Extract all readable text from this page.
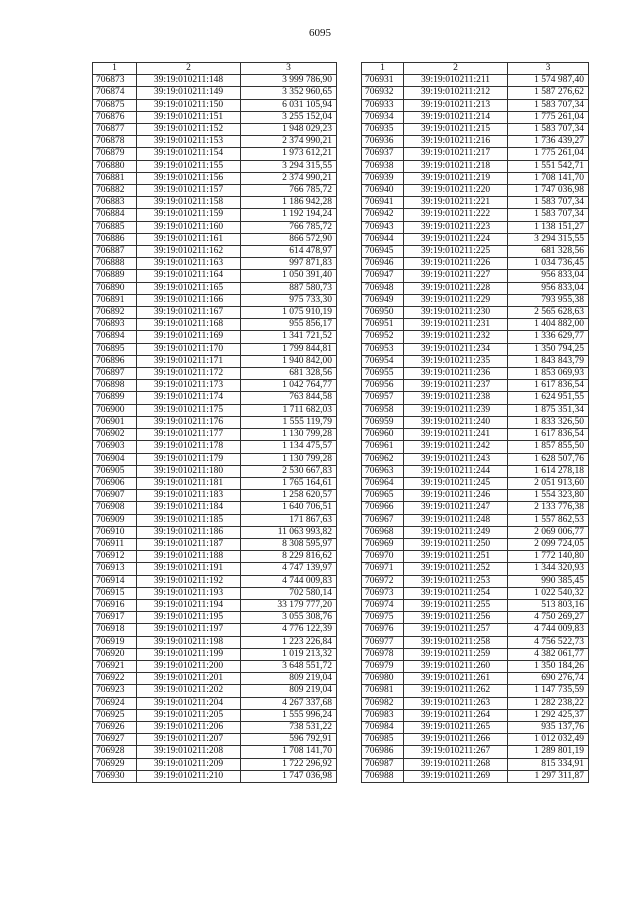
6095
1	2	3
706873	39:19:010211:148	3 999 786,90
706874	39:19:010211:149	3 352 960,65
706875	39:19:010211:150	6 031 105,94
706876	39:19:010211:151	3 255 152,04
706877	39:19:010211:152	1 948 029,23
706878	39:19:010211:153	2 374 990,21
706879	39:19:010211:154	1 973 612,21
706880	39:19:010211:155	3 294 315,55
706881	39:19:010211:156	2 374 990,21
706882	39:19:010211:157	766 785,72
706883	39:19:010211:158	1 186 942,28
706884	39:19:010211:159	1 192 194,24
706885	39:19:010211:160	766 785,72
706886	39:19:010211:161	866 572,90
706887	39:19:010211:162	614 478,97
706888	39:19:010211:163	997 871,83
706889	39:19:010211:164	1 050 391,40
706890	39:19:010211:165	887 580,73
706891	39:19:010211:166	975 733,30
706892	39:19:010211:167	1 075 910,19
706893	39:19:010211:168	955 856,17
706894	39:19:010211:169	1 341 721,52
706895	39:19:010211:170	1 799 844,81
706896	39:19:010211:171	1 940 842,00
706897	39:19:010211:172	681 328,56
706898	39:19:010211:173	1 042 764,77
706899	39:19:010211:174	763 844,58
706900	39:19:010211:175	1 711 682,03
706901	39:19:010211:176	1 555 119,79
706902	39:19:010211:177	1 130 799,28
706903	39:19:010211:178	1 134 475,57
706904	39:19:010211:179	1 130 799,28
706905	39:19:010211:180	2 530 667,83
706906	39:19:010211:181	1 765 164,61
706907	39:19:010211:183	1 258 620,57
706908	39:19:010211:184	1 640 706,51
706909	39:19:010211:185	171 867,63
706910	39:19:010211:186	11 063 993,82
706911	39:19:010211:187	8 308 595,97
706912	39:19:010211:188	8 229 816,62
706913	39:19:010211:191	4 747 139,97
706914	39:19:010211:192	4 744 009,83
706915	39:19:010211:193	702 580,14
706916	39:19:010211:194	33 179 777,20
706917	39:19:010211:195	3 055 308,76
706918	39:19:010211:197	4 776 122,39
706919	39:19:010211:198	1 223 226,84
706920	39:19:010211:199	1 019 213,32
706921	39:19:010211:200	3 648 551,72
706922	39:19:010211:201	809 219,04
706923	39:19:010211:202	809 219,04
706924	39:19:010211:204	4 267 337,68
706925	39:19:010211:205	1 555 996,24
706926	39:19:010211:206	738 531,22
706927	39:19:010211:207	596 792,91
706928	39:19:010211:208	1 708 141,70
706929	39:19:010211:209	1 722 296,92
706930	39:19:010211:210	1 747 036,98
1	2	3
706931	39:19:010211:211	1 574 987,40
706932	39:19:010211:212	1 587 276,62
706933	39:19:010211:213	1 583 707,34
706934	39:19:010211:214	1 775 261,04
706935	39:19:010211:215	1 583 707,34
706936	39:19:010211:216	1 736 439,27
706937	39:19:010211:217	1 775 261,04
706938	39:19:010211:218	1 551 542,71
706939	39:19:010211:219	1 708 141,70
706940	39:19:010211:220	1 747 036,98
706941	39:19:010211:221	1 583 707,34
706942	39:19:010211:222	1 583 707,34
706943	39:19:010211:223	1 138 151,27
706944	39:19:010211:224	3 294 315,55
706945	39:19:010211:225	681 328,56
706946	39:19:010211:226	1 034 736,45
706947	39:19:010211:227	956 833,04
706948	39:19:010211:228	956 833,04
706949	39:19:010211:229	793 955,38
706950	39:19:010211:230	2 565 628,63
706951	39:19:010211:231	1 404 882,00
706952	39:19:010211:232	1 336 629,77
706953	39:19:010211:234	1 350 794,25
706954	39:19:010211:235	1 843 843,79
706955	39:19:010211:236	1 853 069,93
706956	39:19:010211:237	1 617 836,54
706957	39:19:010211:238	1 624 951,55
706958	39:19:010211:239	1 875 351,34
706959	39:19:010211:240	1 833 326,50
706960	39:19:010211:241	1 617 836,54
706961	39:19:010211:242	1 857 855,50
706962	39:19:010211:243	1 628 507,76
706963	39:19:010211:244	1 614 278,18
706964	39:19:010211:245	2 051 913,60
706965	39:19:010211:246	1 554 323,80
706966	39:19:010211:247	2 133 776,38
706967	39:19:010211:248	1 557 862,53
706968	39:19:010211:249	2 069 006,77
706969	39:19:010211:250	2 099 724,05
706970	39:19:010211:251	1 772 140,80
706971	39:19:010211:252	1 344 320,93
706972	39:19:010211:253	990 385,45
706973	39:19:010211:254	1 022 540,32
706974	39:19:010211:255	513 803,16
706975	39:19:010211:256	4 750 269,27
706976	39:19:010211:257	4 744 009,83
706977	39:19:010211:258	4 756 522,73
706978	39:19:010211:259	4 382 061,77
706979	39:19:010211:260	1 350 184,26
706980	39:19:010211:261	690 276,74
706981	39:19:010211:262	1 147 735,59
706982	39:19:010211:263	1 282 238,22
706983	39:19:010211:264	1 292 425,37
706984	39:19:010211:265	935 137,76
706985	39:19:010211:266	1 012 032,49
706986	39:19:010211:267	1 289 801,19
706987	39:19:010211:268	815 334,91
706988	39:19:010211:269	1 297 311,87
